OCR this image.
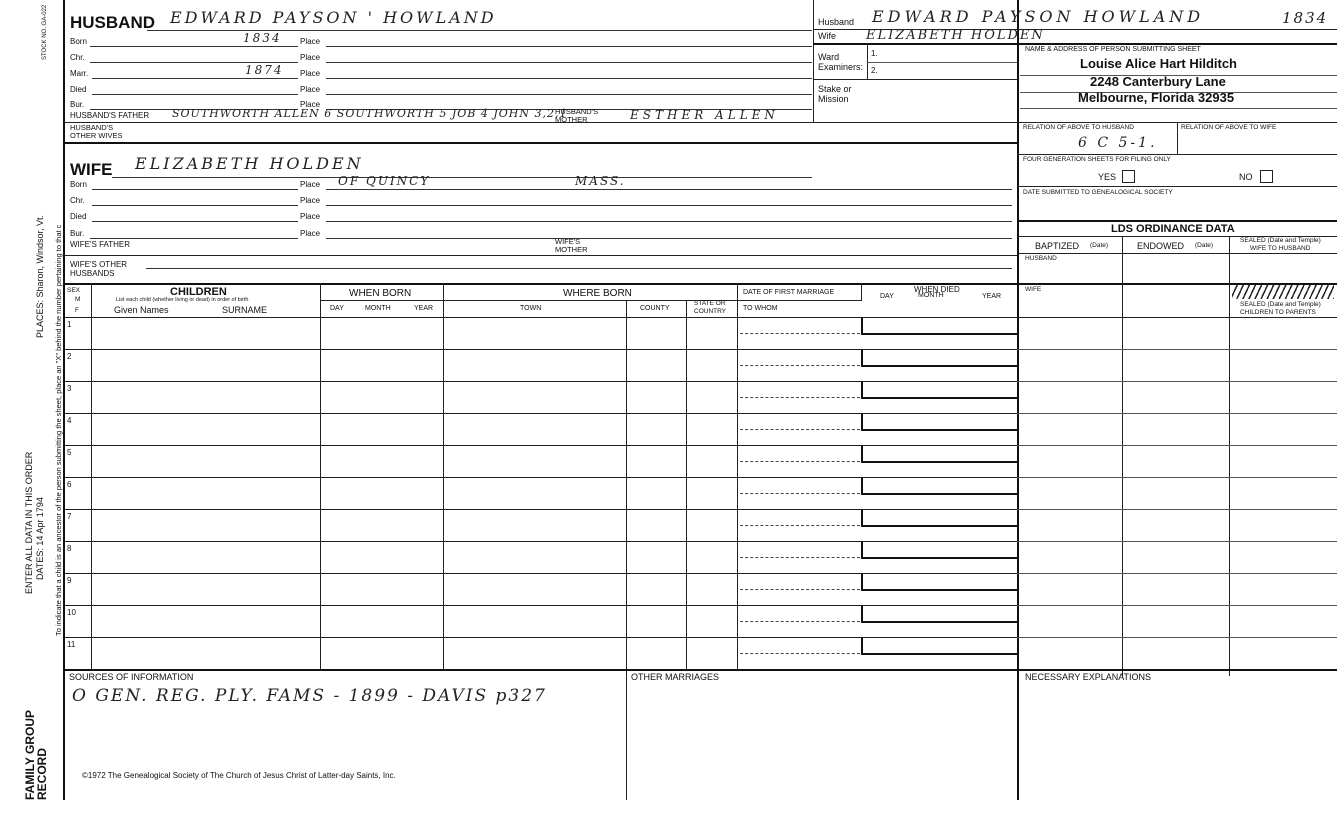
STOCK NO. GA-022
PLACES: Sharon, Windsor, Vt. To indicate that a child is an ancestor of the person submitting the sheet, place an "X" behind the number pertaining to that c
ENTER ALL DATA IN THIS ORDER DATES: 14 Apr 1794
FAMILY GROUP RECORD
HUSBAND EDWARD PAYSON ' HOWLAND
Born	1834 Place
Chr.	Place
Marr.	1874 Place
Died	Place
Bur.	Place
HUSBAND'S FATHER SOUTHWORTH ALLEN 6 SOUTHWORTH 5 JOB 4 JOHN 3,2,1
HUSBAND'S MOTHER	ESTHER ALLEN
HUSBAND'S OTHER WIVES
WIFE ELIZABETH HOLDEN
Born	Place OF QUINCY	MASS.
Chr.	Place
Died	Place
Bur.	Place
WIFE'S FATHER	WIFE'S MOTHER
WIFE'S OTHER HUSBANDS
Husband EDWARD PAYSON HOWLAND	1834
Wife ELIZABETH HOLDEN
Ward
Examiners:
1.
2.
Stake or
Mission
NAME & ADDRESS OF PERSON SUBMITTING SHEET
Louise Alice Hart Hilditch
2248 Canterbury Lane
Melbourne, Florida 32935
RELATION OF ABOVE TO HUSBAND	RELATION OF ABOVE TO WIFE
6 C 5-1.
FOUR GENERATION SHEETS FOR FILING ONLY
YES	NO
DATE SUBMITTED TO GENEALOGICAL SOCIETY
LDS ORDINANCE DATA
BAPTIZED (Date)	ENDOWED (Date)
SEALED (Date and Temple)
WIFE TO HUSBAND
HUSBAND
WIFE
SEALED (Date and Temple)
CHILDREN TO PARENTS
SEX
M
F
CHILDREN
List each child (whether living or dead) in order of birth
Given Names	SURNAME
WHEN BORN
DAY	MONTH	YEAR
WHERE BORN
TOWN	COUNTY
STATE OR
COUNTRY
DATE OF FIRST MARRIAGE
TO WHOM
WHEN DIED
DAY	MONTH	YEAR
1
2
3
4
5
6
7
8
9
10
11
SOURCES OF INFORMATION
O GEN. REG. PLY. FAMS - 1899 - DAVIS p327
OTHER MARRIAGES	NECESSARY EXPLANATIONS
©1972 The Genealogical Society of The Church of Jesus Christ of Latter-day Saints, Inc.
